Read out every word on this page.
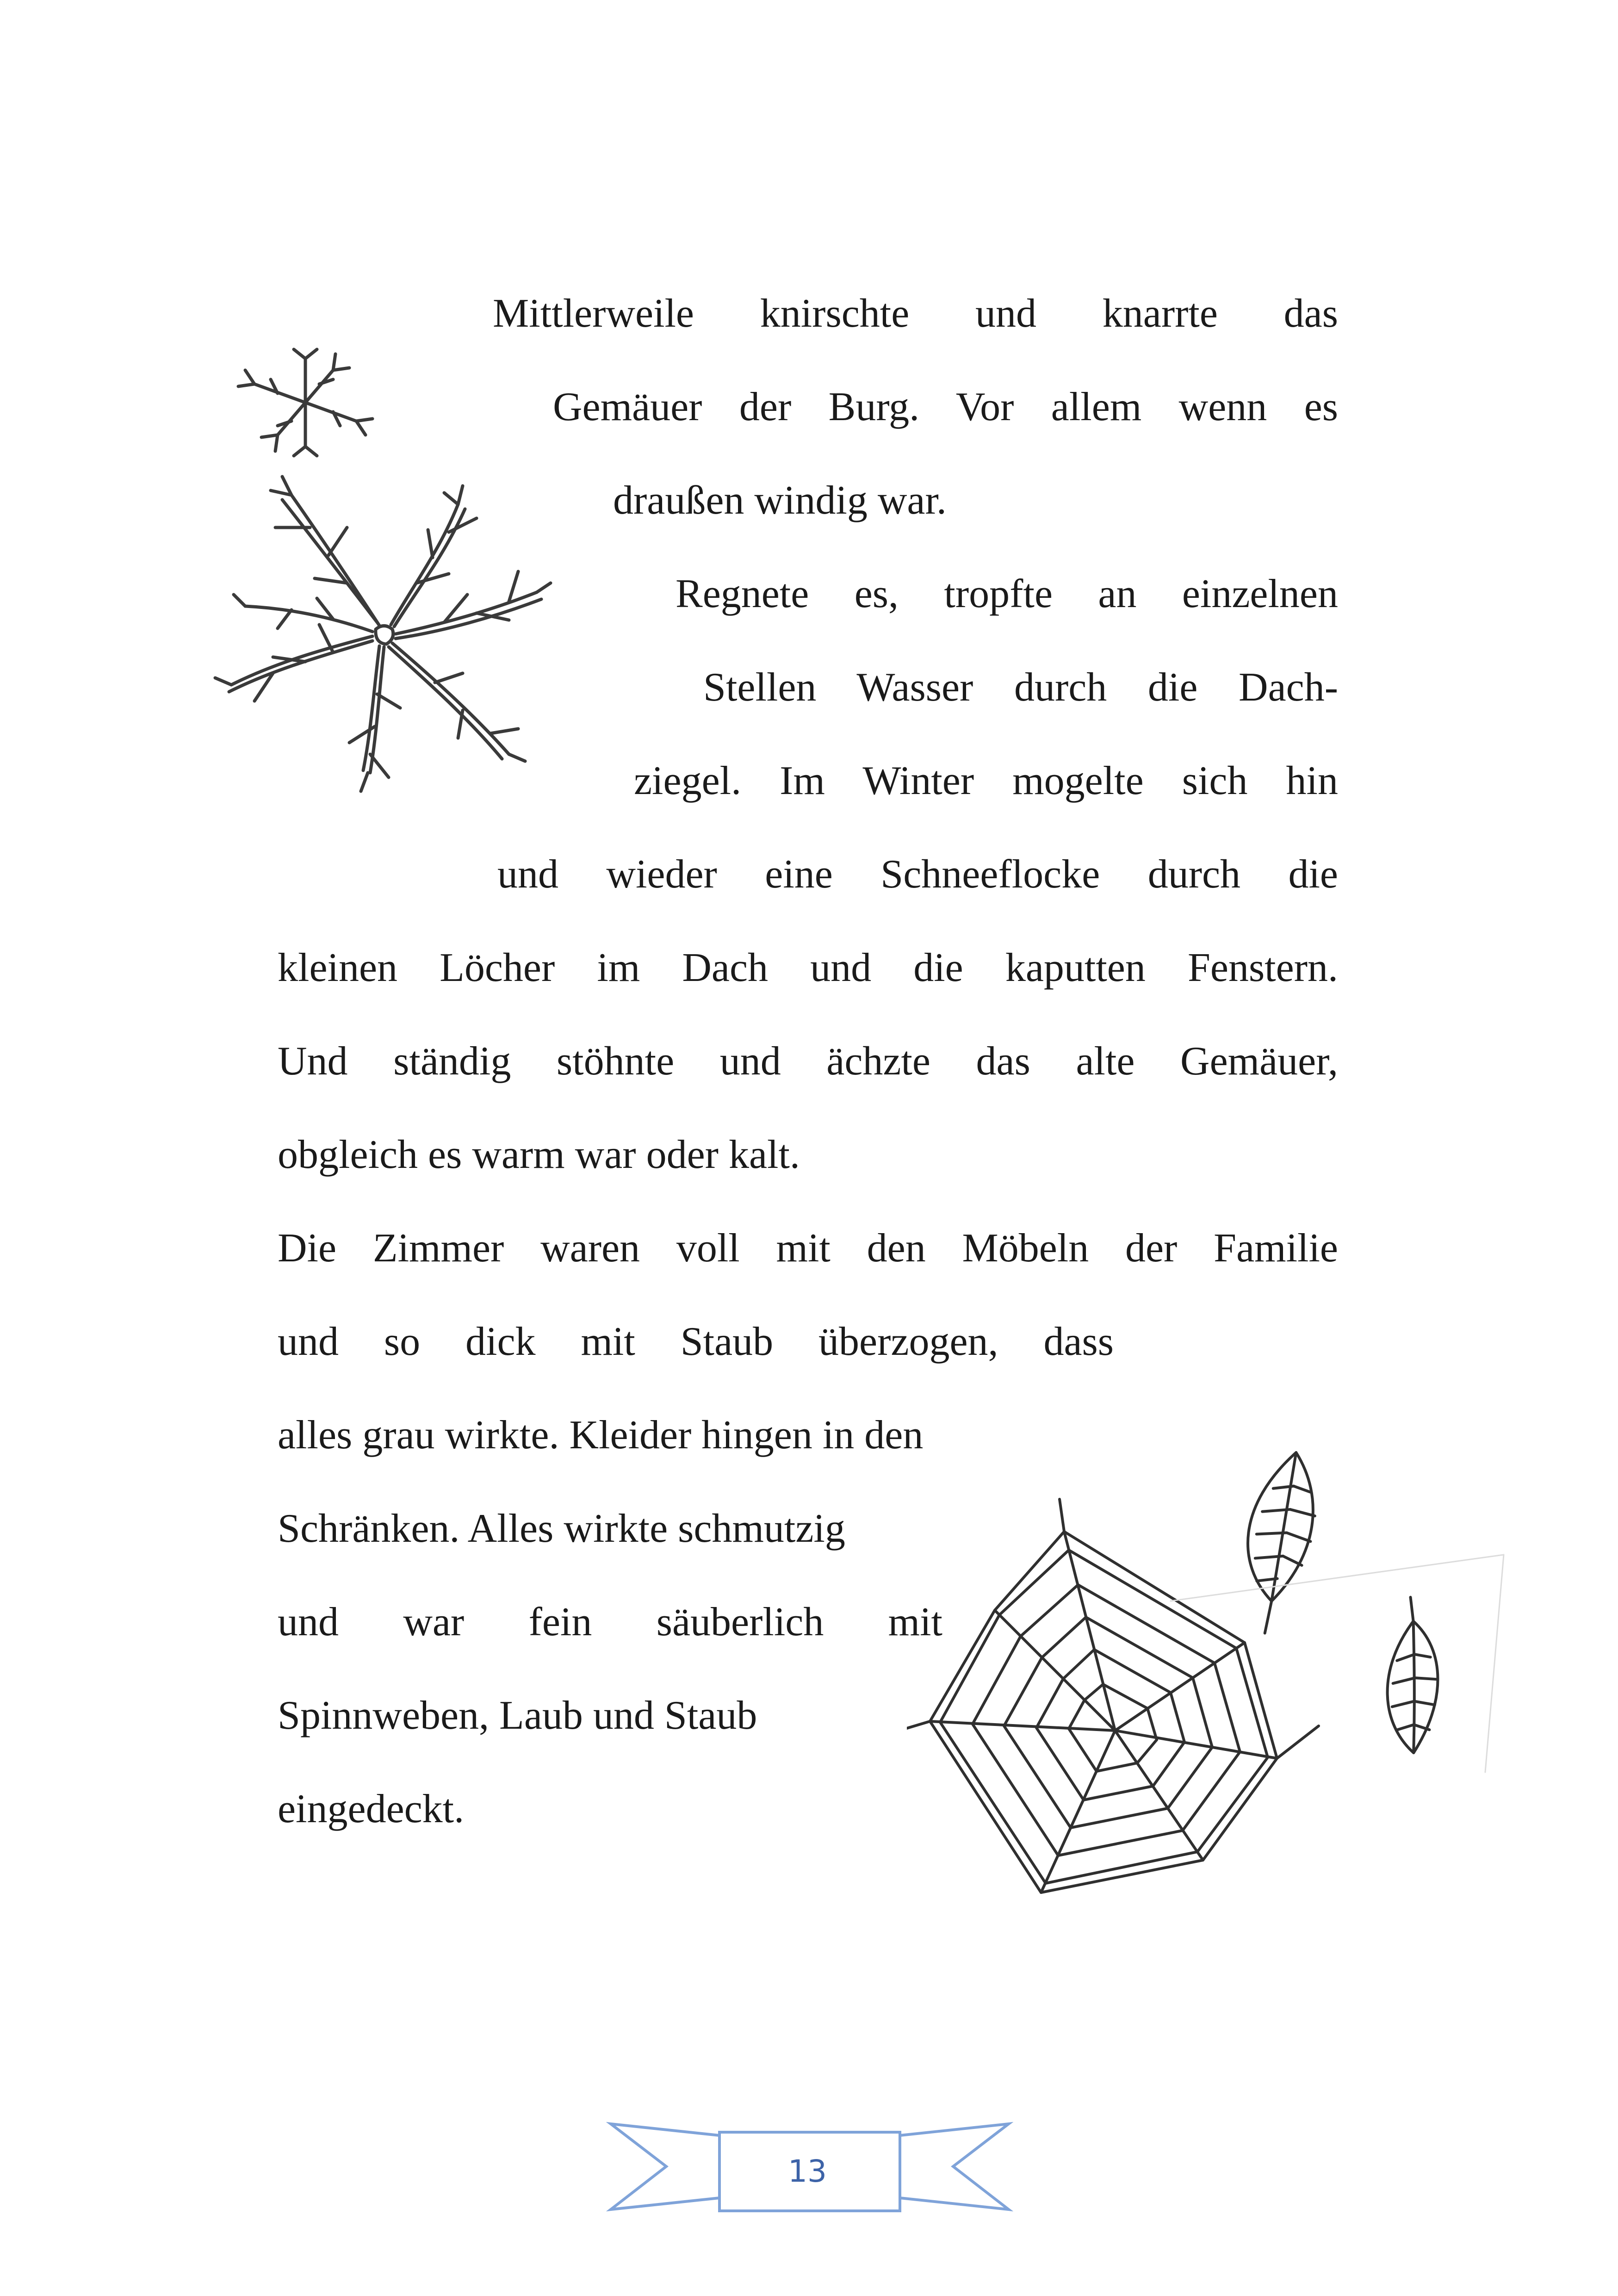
Mittlerweile knirschte und knarrte das
Gemäuer der Burg. Vor allem wenn es
draußen windig war.
Regnete es, tropfte an einzelnen
Stellen Wasser durch die Dach-
ziegel. Im Winter mogelte sich hin
und wieder eine Schneeflocke durch die
kleinen Löcher im Dach und die kaputten Fenstern.
Und ständig stöhnte und ächzte das alte Gemäuer,
obgleich es warm war oder kalt.
Die Zimmer waren voll mit den Möbeln der Familie
und so dick mit Staub überzogen, dass
alles grau wirkte. Kleider hingen in den
Schränken. Alles wirkte schmutzig
und war fein säuberlich mit
Spinnweben, Laub und Staub
eingedeckt.
13
